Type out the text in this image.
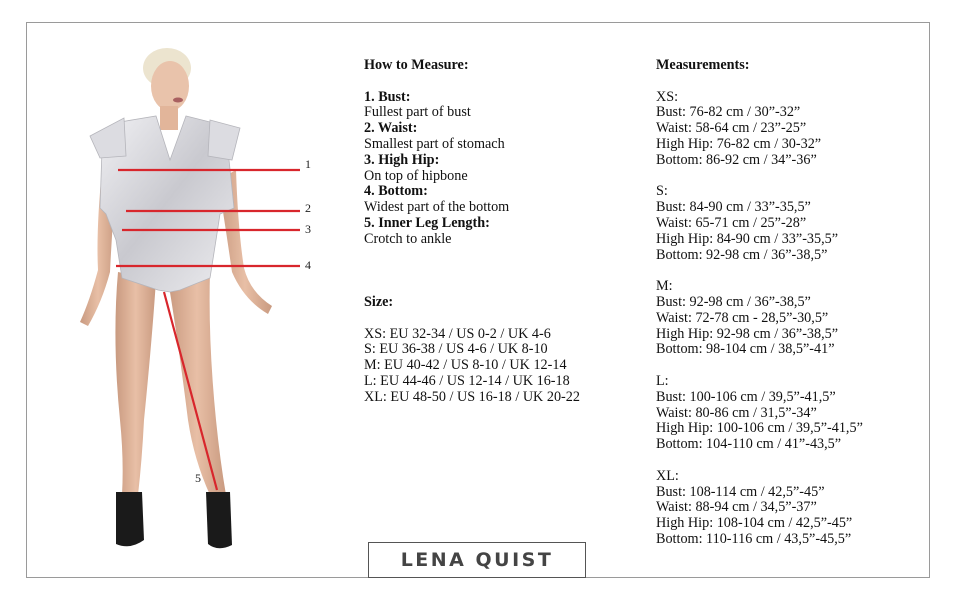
1
2
3
4
5

How to Measure:

1. Bust:

Fullest part of bust

2. Waist:

Smallest part of stomach

3. High Hip:

On top of hipbone

4. Bottom:

Widest part of the bottom

5. Inner Leg Length:

Crotch to ankle

Size:

XS: EU 32-34 / US 0-2 / UK 4-6

S: EU 36-38 / US 4-6 / UK 8-10

M: EU 40-42 / US 8-10 / UK 12-14

L: EU 44-46 / US 12-14 / UK 16-18

XL: EU 48-50 / US 16-18 / UK 20-22

Measurements:

XS:

Bust: 76-82 cm / 30”-32”

Waist: 58-64 cm / 23”-25”

High Hip: 76-82 cm / 30-32”

Bottom: 86-92 cm / 34”-36”

S:

Bust: 84-90 cm / 33”-35,5”

Waist: 65-71 cm / 25”-28”

High Hip: 84-90 cm / 33”-35,5”

Bottom: 92-98 cm / 36”-38,5”

M:

Bust: 92-98 cm / 36”-38,5”

Waist: 72-78 cm - 28,5”-30,5”

High Hip: 92-98 cm / 36”-38,5”

Bottom: 98-104 cm / 38,5”-41”

L:

Bust: 100-106 cm / 39,5”-41,5”

Waist: 80-86 cm / 31,5”-34”

High Hip: 100-106 cm / 39,5”-41,5”

Bottom: 104-110 cm / 41”-43,5”

XL:

Bust: 108-114 cm / 42,5”-45”

Waist: 88-94 cm / 34,5”-37”

High Hip: 108-104 cm / 42,5”-45”

Bottom: 110-116 cm / 43,5”-45,5”

LENA QUIST
